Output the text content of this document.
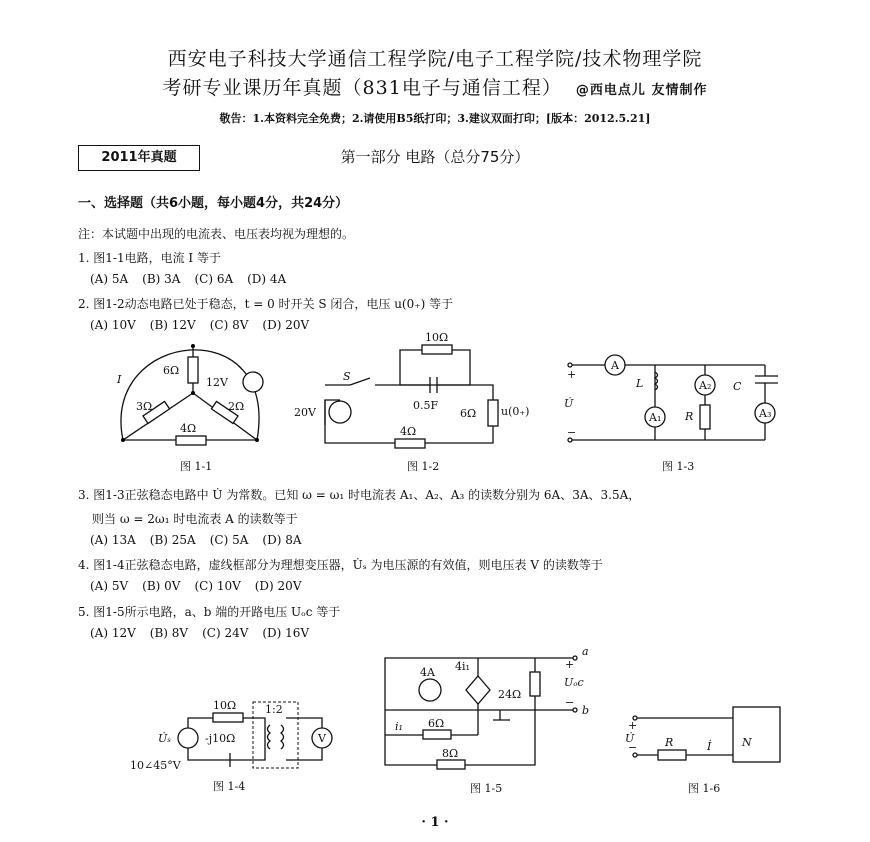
西安电子科技大学通信工程学院/电子工程学院/技术物理学院
考研专业课历年真题（831电子与通信工程） @西电点儿 友情制作
敬告：1.本资料完全免费；2.请使用B5纸打印；3.建议双面打印；[版本：2012.5.21]
2011年真题	第一部分 电路（总分75分）
一、选择题（共6小题，每小题4分，共24分）
注：本试题中出现的电流表、电压表均视为理想的。
1. 图1-1电路，电流 I 等于
(A) 5A (B) 3A (C) 6A (D) 4A
2. 图1-2动态电路已处于稳态，t = 0 时开关 S 闭合，电压 u(0₊) 等于
(A) 10V (B) 12V (C) 8V (D) 20V
3. 图1-3正弦稳态电路中 U̇ 为常数。已知 ω = ω₁ 时电流表 A₁、A₂、A₃ 的读数分别为 6A、3A、3.5A，
则当 ω = 2ω₁ 时电流表 A 的读数等于
(A) 13A (B) 25A (C) 5A (D) 8A
4. 图1-4正弦稳态电路，虚线框部分为理想变压器，U̇ₛ 为电压源的有效值，则电压表 V 的读数等于
(A) 5V (B) 0V (C) 10V (D) 20V
5. 图1-5所示电路，a、b 端的开路电压 Uₒc 等于
(A) 12V (B) 8V (C) 24V (D) 16V
6Ω
3Ω	2Ω
4Ω
12V
I
图 1-1
10Ω
S
20V
0.5F
6Ω u(0₊)
4Ω
图 1-2
A
A₁
A₂
A₃
L
R
C
U̇
+
−
图 1-3
10Ω	1:2
U̇ₛ	-j10Ω
10∠45°V
V
图 1-4
4i₁
4A
24Ω
i₁ 6Ω
8Ω
a
b
Uₒc
+
−
图 1-5
N
U̇	R	İ
+
−
图 1-6
· 1 ·
